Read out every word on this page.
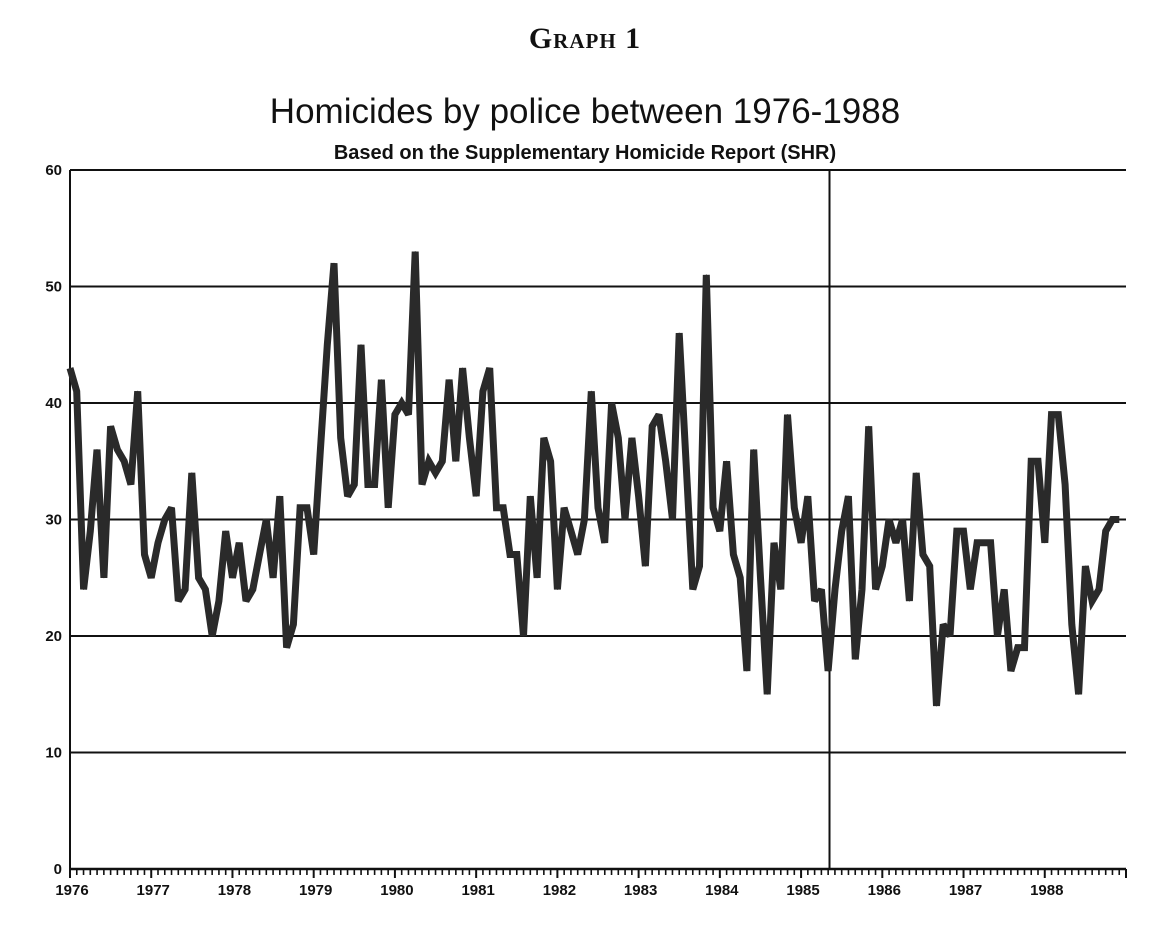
Graph 1
Homicides by police between 1976-1988
Based on the Supplementary Homicide Report (SHR)
0
10
20
30
40
50
60
1976	1977	1978	1979	1980	1981	1982	1983	1984	1985	1986	1987	1988
